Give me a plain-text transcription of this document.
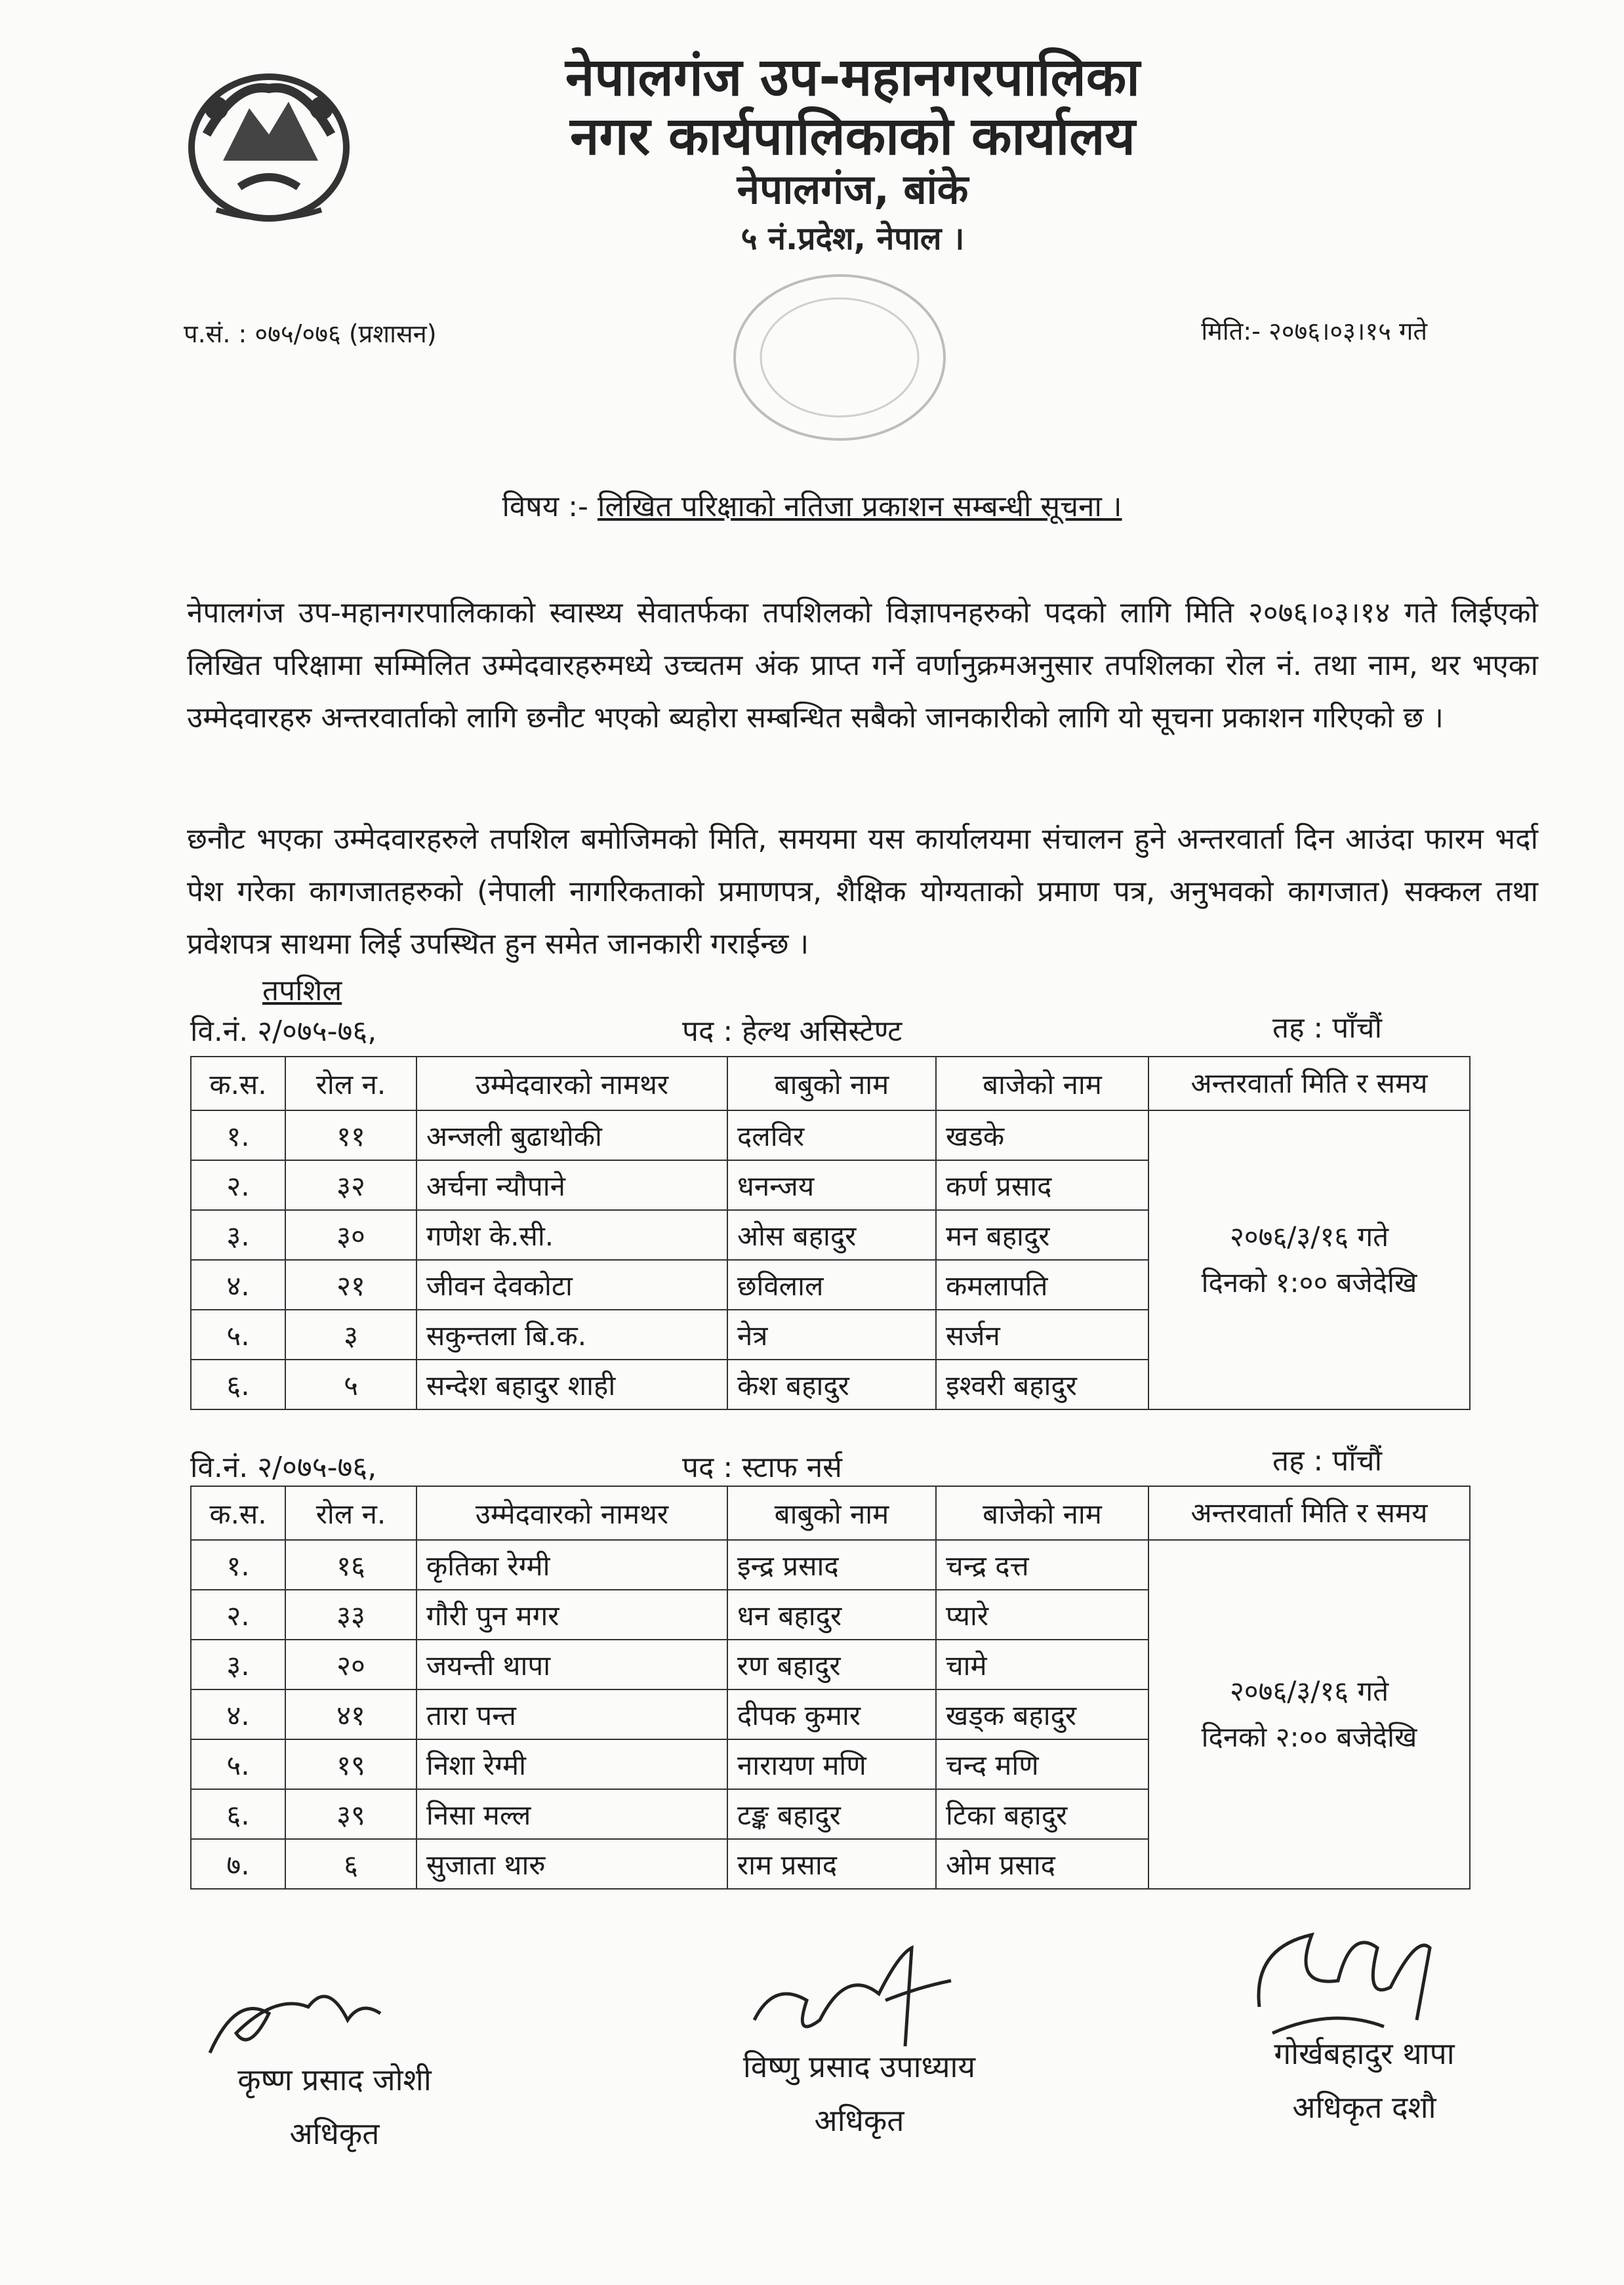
नेपालगंज उप-महानगरपालिका
नगर कार्यपालिकाको कार्यालय
नेपालगंज, बांके
५ नं.प्रदेश, नेपाल ।
प.सं. : ०७५/०७६ (प्रशासन)	मिति:- २०७६।०३।१५ गते
विषय :- लिखित परिक्षाको नतिजा प्रकाशन सम्बन्धी सूचना ।
नेपालगंज उप-महानगरपालिकाको स्वास्थ्य सेवातर्फका तपशिलको विज्ञापनहरुको पदको लागि मिति २०७६।०३।१४ गते लिईएको लिखित परिक्षामा सम्मिलित उम्मेदवारहरुमध्ये उच्चतम अंक प्राप्त गर्ने वर्णानुक्रमअनुसार तपशिलका रोल नं. तथा नाम, थर भएका उम्मेदवारहरु अन्तरवार्ताको लागि छनौट भएको ब्यहोरा सम्बन्धित सबैको जानकारीको लागि यो सूचना प्रकाशन गरिएको छ ।
छनौट भएका उम्मेदवारहरुले तपशिल बमोजिमको मिति, समयमा यस कार्यालयमा संचालन हुने अन्तरवार्ता दिन आउंदा फारम भर्दा पेश गरेका कागजातहरुको (नेपाली नागरिकताको प्रमाणपत्र, शैक्षिक योग्यताको प्रमाण पत्र, अनुभवको कागजात) सक्कल तथा प्रवेशपत्र साथमा लिई उपस्थित हुन समेत जानकारी गराईन्छ ।
तपशिल
वि.नं. २/०७५-७६,	पद : हेल्थ असिस्टेण्ट	तह : पाँचौं
क.स.	रोल न.	उम्मेदवारको नामथर	बाबुको नाम	बाजेको नाम	अन्तरवार्ता मिति र समय
१.	११	अन्जली बुढाथोकी	दलविर	खडके	२०७६/३/१६ गते
दिनको १:०० बजेदेखि

२.	३२	अर्चना न्यौपाने	धनन्जय	कर्ण प्रसाद	
३.	३०	गणेश के.सी.	ओस बहादुर	मन बहादुर	
४.	२१	जीवन देवकोटा	छविलाल	कमलापति	
५.	३	सकुन्तला बि.क.	नेत्र	सर्जन	
६.	५	सन्देश बहादुर शाही	केश बहादुर	इश्वरी बहादुर	
वि.नं. २/०७५-७६,	पद : स्टाफ नर्स	तह : पाँचौं
क.स.	रोल न.	उम्मेदवारको नामथर	बाबुको नाम	बाजेको नाम	अन्तरवार्ता मिति र समय
१.	१६	कृतिका रेग्मी	इन्द्र प्रसाद	चन्द्र दत्त	२०७६/३/१६ गते
दिनको २:०० बजेदेखि

२.	३३	गौरी पुन मगर	धन बहादुर	प्यारे	
३.	२०	जयन्ती थापा	रण बहादुर	चामे	
४.	४१	तारा पन्त	दीपक कुमार	खड्क बहादुर	
५.	१९	निशा रेग्मी	नारायण मणि	चन्द मणि	
६.	३९	निसा मल्ल	टङ्क बहादुर	टिका बहादुर	
७.	६	सुजाता थारु	राम प्रसाद	ओम प्रसाद	
कृष्ण प्रसाद जोशी
अधिकृत
विष्णु प्रसाद उपाध्याय
अधिकृत
गोर्खबहादुर थापा
अधिकृत दशौ
